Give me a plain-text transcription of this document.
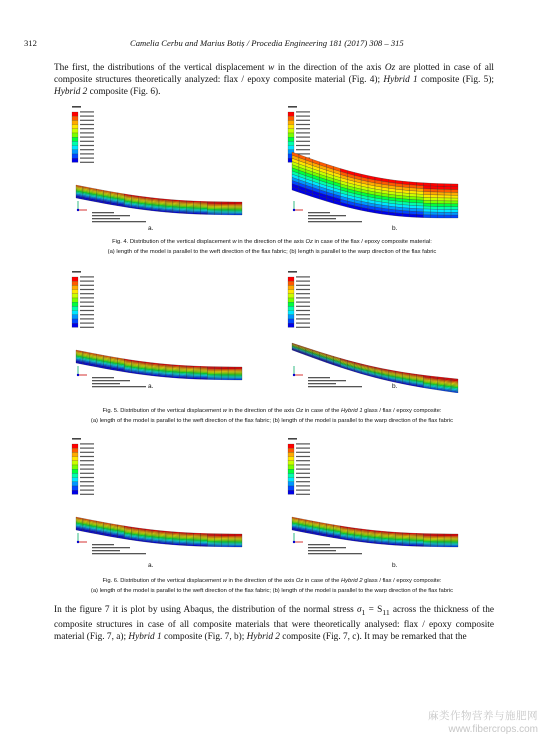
312	Camelia Cerbu and Marius Botiș / Procedia Engineering 181 (2017) 308 – 315

The first, the distributions of the vertical displacement w in the direction of the axis Oz are plotted in case of all composite structures theoretically analyzed: flax / epoxy composite material (Fig. 4); Hybrid 1 composite (Fig. 5); Hybrid 2 composite (Fig. 6).

a.	b.
Fig. 4. Distribution of the vertical displacement w in the direction of the axis Oz in case of the flax / epoxy composite material:
(a) length of the model is parallel to the weft direction of the flax fabric; (b) length is parallel to the warp direction of the flax fabric
a.	b.
Fig. 5. Distribution of the vertical displacement w in the direction of the axis Oz in case of the Hybrid 1 glass / flax / epoxy composite:
(a) length of the model is parallel to the weft direction of the flax fabric; (b) length of the model is parallel to the warp direction of the flax fabric
a.	b.
Fig. 6. Distribution of the vertical displacement w in the direction of the axis Oz in case of the Hybrid 2 glass / flax / epoxy composite:
(a) length of the model is parallel to the weft direction of the flax fabric; (b) length of the model is parallel to the warp direction of the flax fabric

In the figure 7 it is plot by using Abaqus, the distribution of the normal stress $\sigma_1 = S_{11}$ across the thickness of the composite structures in case of all composite materials that were theoretically analysed: flax / epoxy composite material (Fig. 7, a); Hybrid 1 composite (Fig. 7, b); Hybrid 2 composite (Fig. 7, c). It may be remarked that the

麻类作物营养与施肥网
www.fibercrops.com
